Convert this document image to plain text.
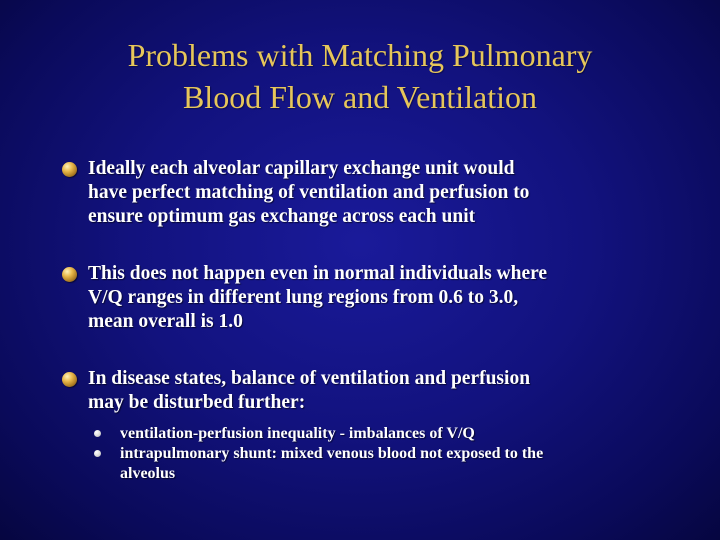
Problems with Matching Pulmonary
Blood Flow and Ventilation
Ideally each alveolar capillary exchange unit would
have perfect matching of ventilation and perfusion to
ensure optimum gas exchange across each unit
This does not happen even in normal individuals where
V/Q ranges in different lung regions from 0.6 to 3.0,
mean overall is 1.0
In disease states, balance of ventilation and perfusion
may be disturbed further:
ventilation-perfusion inequality - imbalances of V/Q
intrapulmonary shunt: mixed venous blood not exposed to the
alveolus
